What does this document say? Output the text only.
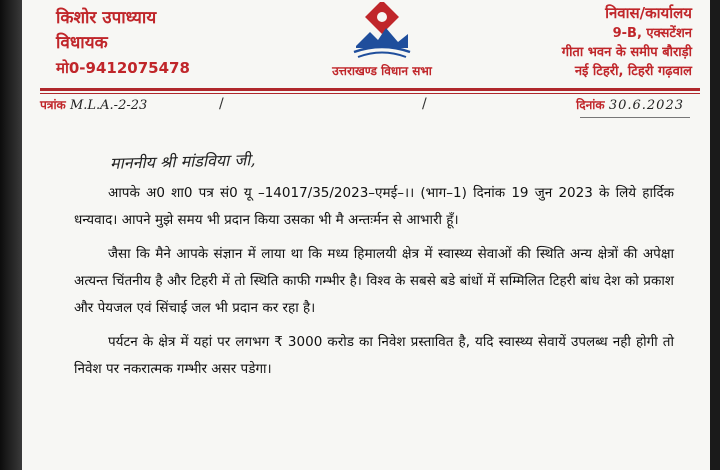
किशोर उपाध्याय
विधायक
मो0-9412075478	उत्तराखण्ड विधान सभा
निवास/कार्यालय
9-B, एक्सटेंशन
गीता भवन के समीप बौराड़ी
नई टिहरी, टिहरी गढ़वाल
पत्रांक M.L.A.-2-23	/	/	दिनांक 30.6.2023
माननीय श्री मांडविया जी,

आपके अ0 शा0 पत्र सं0 यू –14017/35/2023–एमई–।। (भाग–1) दिनांक 19 जुन 2023 के लिये हार्दिक धन्यवाद। आपने मुझे समय भी प्रदान किया उसका भी मै अन्तःर्मन से आभारी हूँ।

जैसा कि मैने आपके संज्ञान में लाया था कि मध्य हिमालयी क्षेत्र में स्वास्थ्य सेवाओं की स्थिति अन्य क्षेत्रों की अपेक्षा अत्यन्त चिंतनीय है और टिहरी में तो स्थिति काफी गम्भीर है। विश्व के सबसे बडे बांधों में सम्मिलित टिहरी बांध देश को प्रकाश और पेयजल एवं सिंचाई जल भी प्रदान कर रहा है।

पर्यटन के क्षेत्र में यहां पर लगभग ₹ 3000 करोड का निवेश प्रस्तावित है, यदि स्वास्थ्य सेवायें उपलब्ध नही होगी तो निवेश पर नकरात्मक गम्भीर असर पडेगा।
